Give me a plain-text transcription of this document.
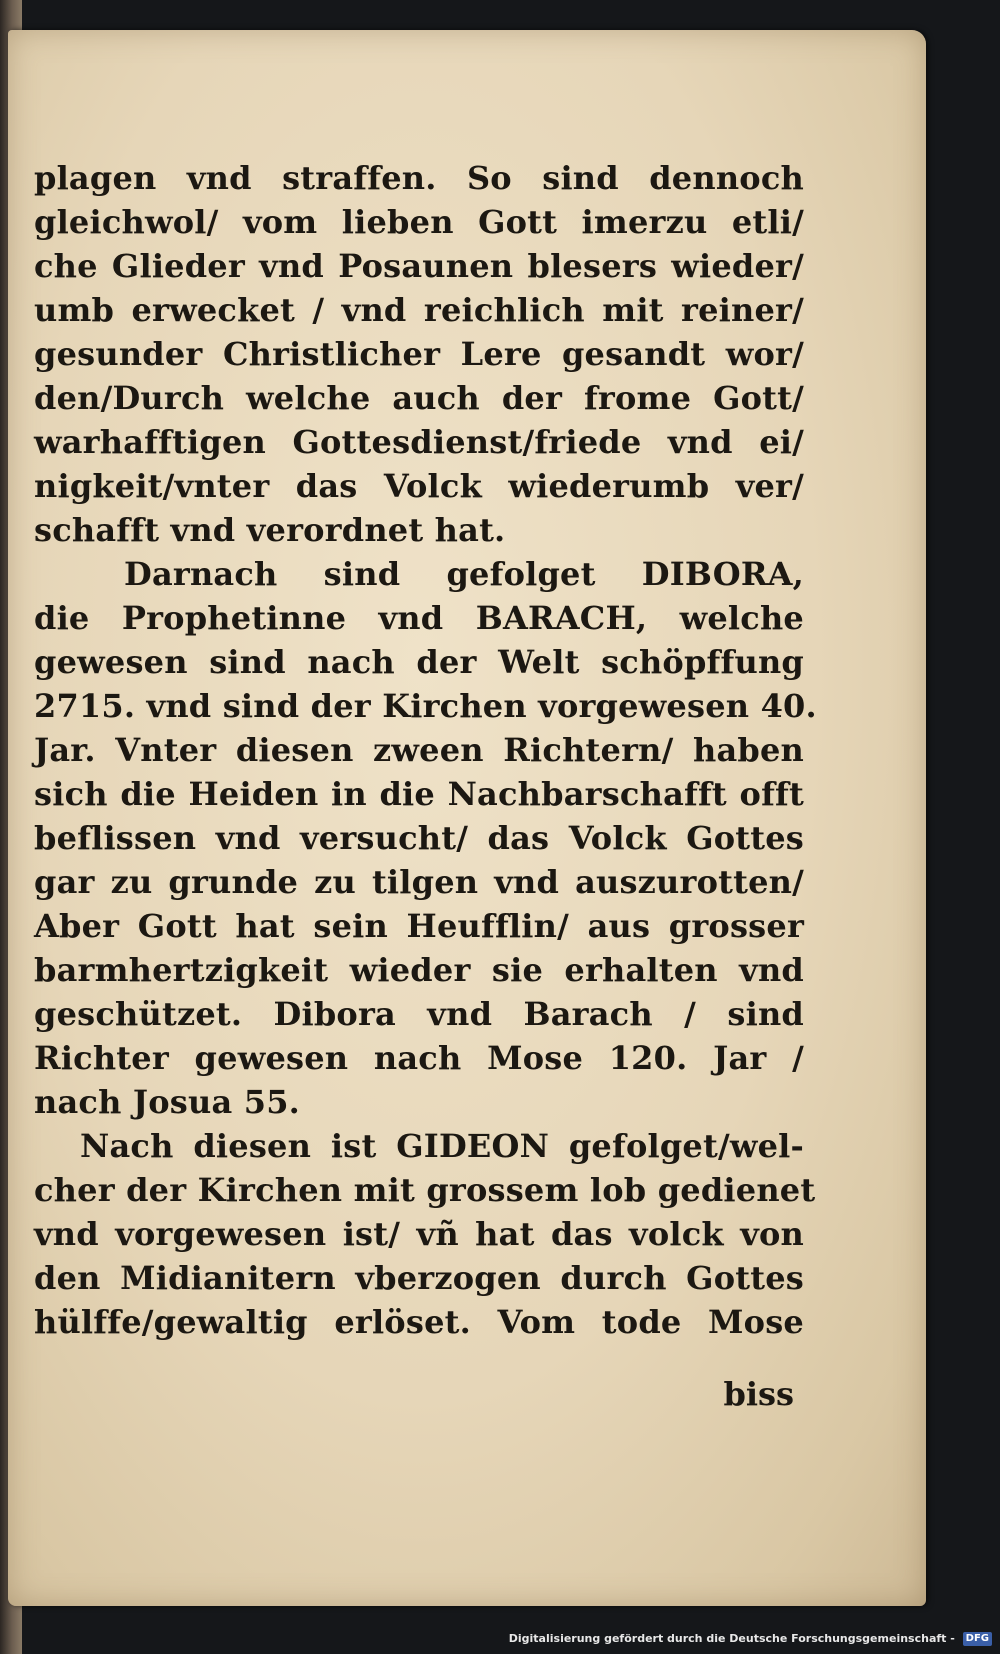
plagen vnd straffen. So sind dennoch
gleichwol/ vom lieben Gott imerzu etli/
che Glieder vnd Posaunen blesers wieder/
umb erwecket / vnd reichlich mit reiner/
gesunder Christlicher Lere gesandt wor/
den/Durch welche auch der frome Gott/
warhafftigen Gottesdienst/friede vnd ei/
nigkeit/vnter das Volck wiederumb ver/
schafft vnd verordnet hat.
Darnach sind gefolget DIBORA,
die Prophetinne vnd BARACH, welche
gewesen sind nach der Welt schöpffung
2715. vnd sind der Kirchen vorgewesen 40.
Jar. Vnter diesen zween Richtern/ haben
sich die Heiden in die Nachbarschafft offt
beflissen vnd versucht/ das Volck Gottes
gar zu grunde zu tilgen vnd auszurotten/
Aber Gott hat sein Heufflin/ aus grosser
barmhertzigkeit wieder sie erhalten vnd
geschützet. Dibora vnd Barach / sind
Richter gewesen nach Mose 120. Jar /
nach Josua 55.
Nach diesen ist GIDEON gefolget/wel-
cher der Kirchen mit grossem lob gedienet
vnd vorgewesen ist/ vñ hat das volck von
den Midianitern vberzogen durch Gottes
hülffe/gewaltig erlöset. Vom tode Mose
biss
Digitalisierung gefördert durch die Deutsche Forschungsgemeinschaft - DFG
